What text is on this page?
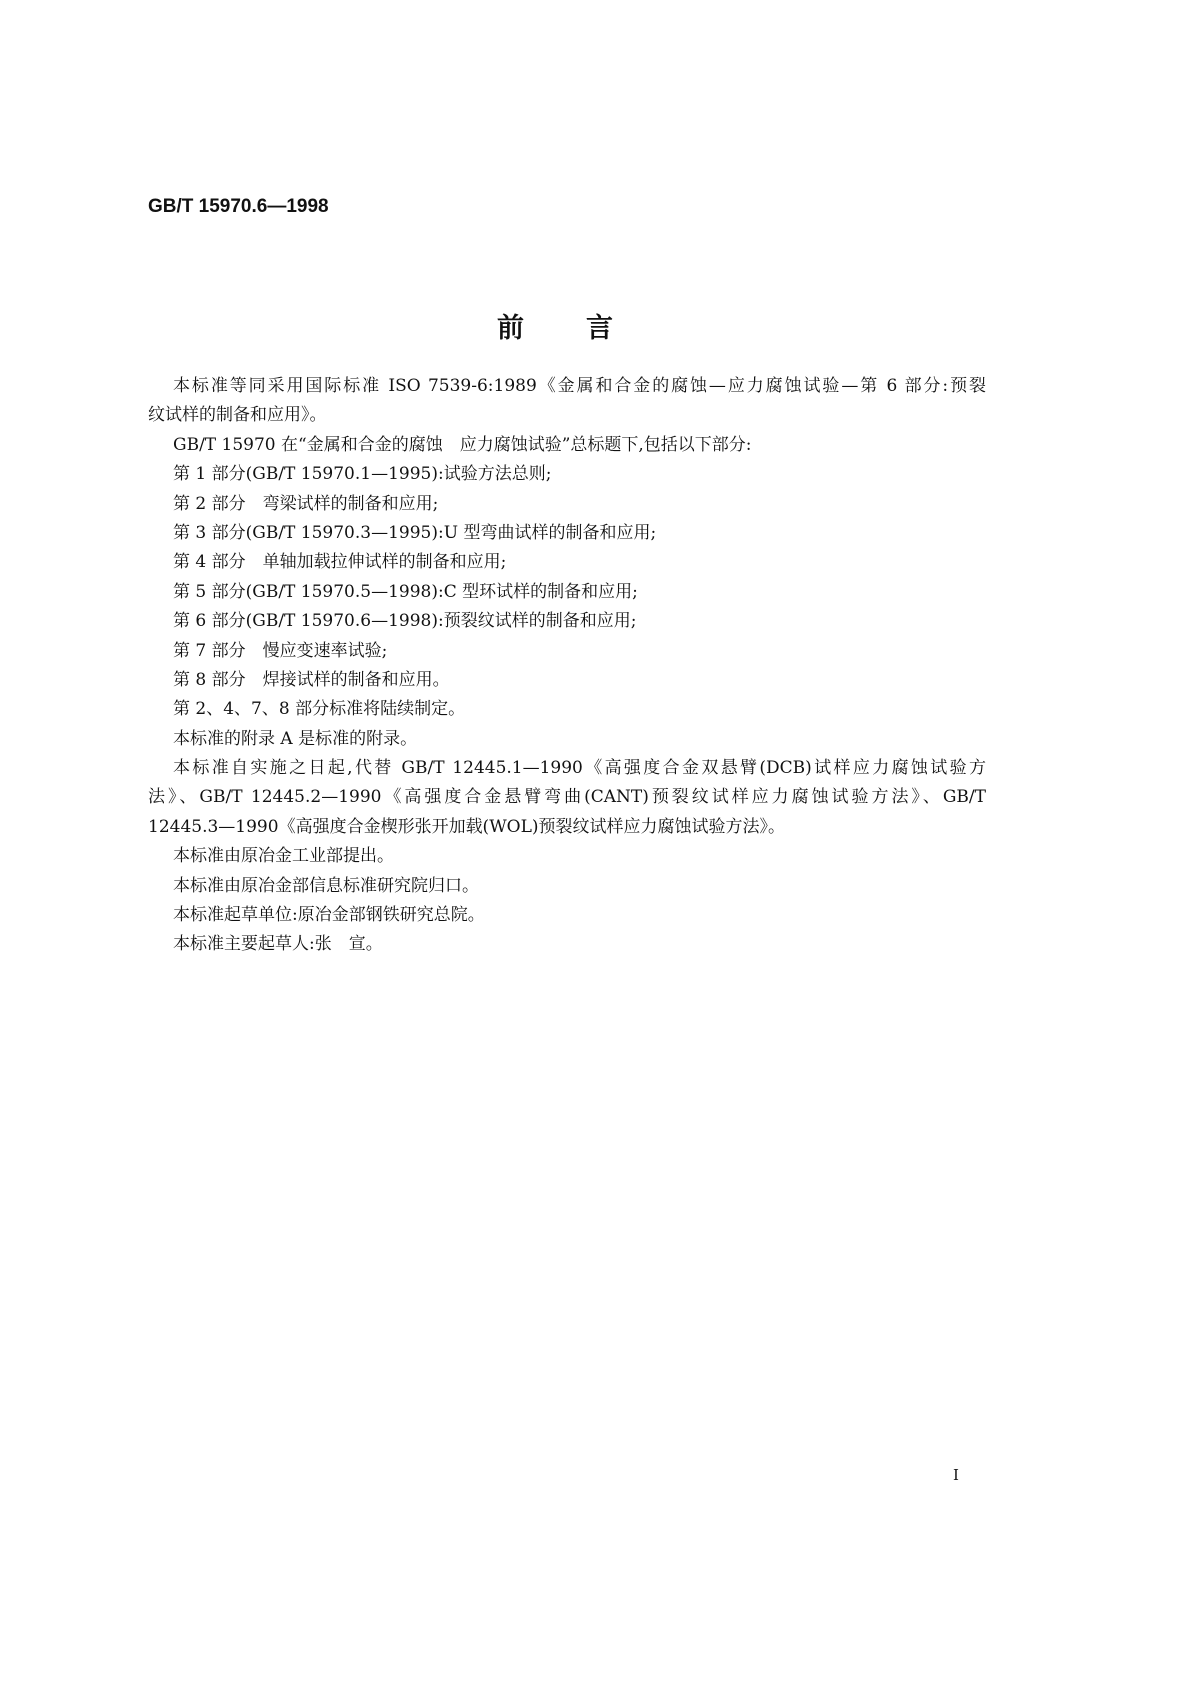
GB/T 15970.6—1998
前言
本标准等同采用国际标准 ISO 7539-6:1989《金属和合金的腐蚀—应力腐蚀试验—第 6 部分:预裂
纹试样的制备和应用》。
GB/T 15970 在“金属和合金的腐蚀　应力腐蚀试验”总标题下,包括以下部分:
第 1 部分(GB/T 15970.1—1995):试验方法总则;
第 2 部分　弯梁试样的制备和应用;
第 3 部分(GB/T 15970.3—1995):U 型弯曲试样的制备和应用;
第 4 部分　单轴加载拉伸试样的制备和应用;
第 5 部分(GB/T 15970.5—1998):C 型环试样的制备和应用;
第 6 部分(GB/T 15970.6—1998):预裂纹试样的制备和应用;
第 7 部分　慢应变速率试验;
第 8 部分　焊接试样的制备和应用。
第 2、4、7、8 部分标准将陆续制定。
本标准的附录 A 是标准的附录。
本标准自实施之日起,代替 GB/T 12445.1—1990《高强度合金双悬臂(DCB)试样应力腐蚀试验方
法》、GB/T 12445.2—1990《高强度合金悬臂弯曲(CANT)预裂纹试样应力腐蚀试验方法》、GB/T
12445.3—1990《高强度合金楔形张开加载(WOL)预裂纹试样应力腐蚀试验方法》。
本标准由原冶金工业部提出。
本标准由原冶金部信息标准研究院归口。
本标准起草单位:原冶金部钢铁研究总院。
本标准主要起草人:张　宣。
I
